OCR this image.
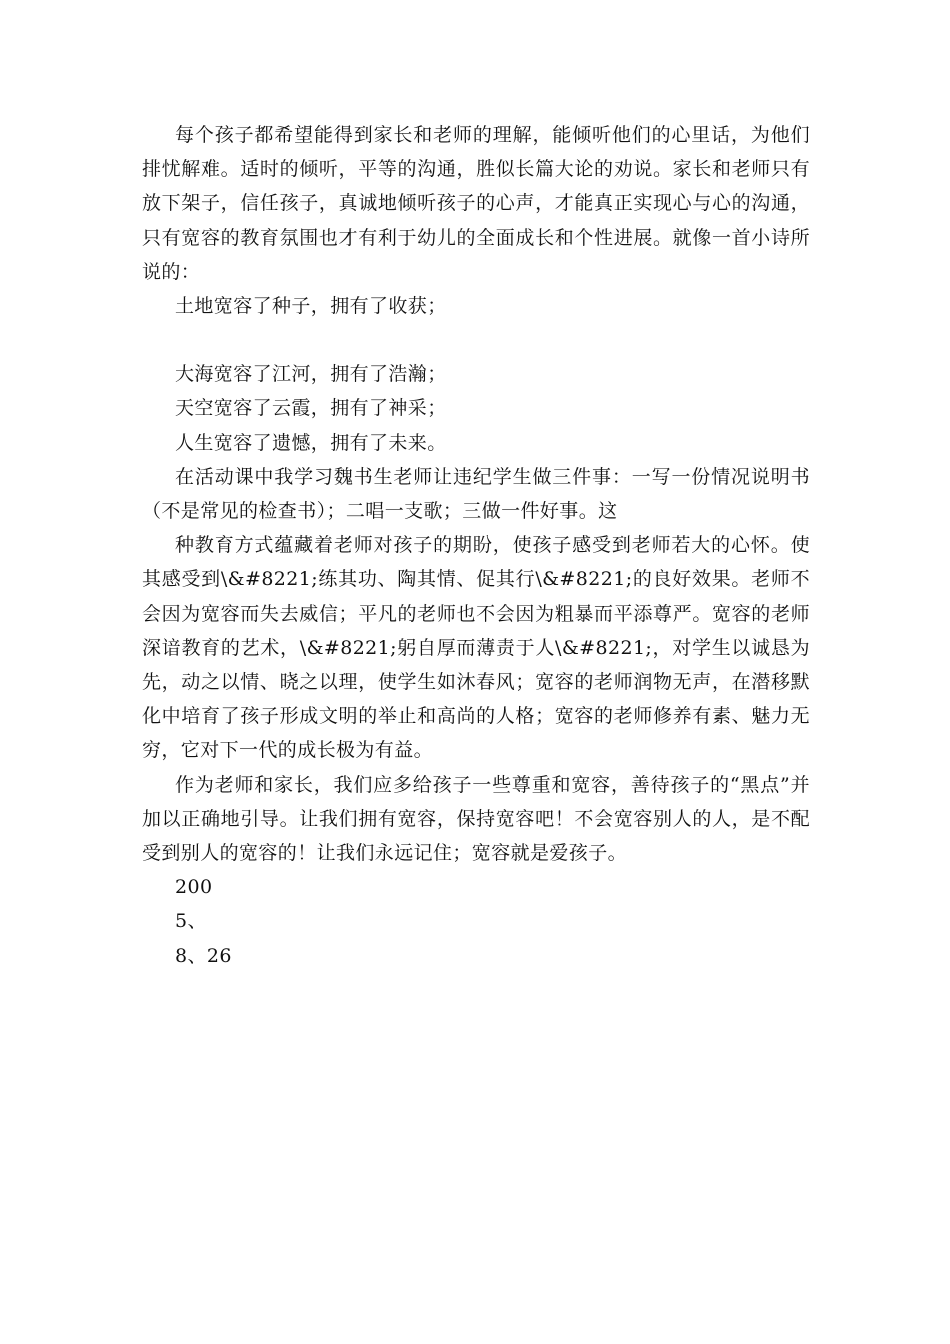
每个孩子都希望能得到家长和老师的理解，能倾听他们的心里话，为他们排忧解难。适时的倾听，平等的沟通，胜似长篇大论的劝说。家长和老师只有放下架子，信任孩子，真诚地倾听孩子的心声，才能真正实现心与心的沟通，只有宽容的教育氛围也才有利于幼儿的全面成长和个性进展。就像一首小诗所说的：

土地宽容了种子，拥有了收获；

大海宽容了江河，拥有了浩瀚；

天空宽容了云霞，拥有了神采；

人生宽容了遗憾，拥有了未来。

在活动课中我学习魏书生老师让违纪学生做三件事：一写一份情况说明书（不是常见的检查书）；二唱一支歌；三做一件好事。这

种教育方式蕴藏着老师对孩子的期盼，使孩子感受到老师若大的心怀。使其感受到\&#8221;练其功、陶其情、促其行\&#8221;的良好效果。老师不会因为宽容而失去威信；平凡的老师也不会因为粗暴而平添尊严。宽容的老师深谙教育的艺术，\&#8221;躬自厚而薄责于人\&#8221;，对学生以诚恳为先，动之以情、晓之以理，使学生如沐春风；宽容的老师润物无声，在潜移默化中培育了孩子形成文明的举止和高尚的人格；宽容的老师修养有素、魅力无穷，它对下一代的成长极为有益。

作为老师和家长，我们应多给孩子一些尊重和宽容，善待孩子的“黑点”并加以正确地引导。让我们拥有宽容，保持宽容吧！不会宽容别人的人，是不配受到别人的宽容的！让我们永远记住；宽容就是爱孩子。

200

5、

8、26
